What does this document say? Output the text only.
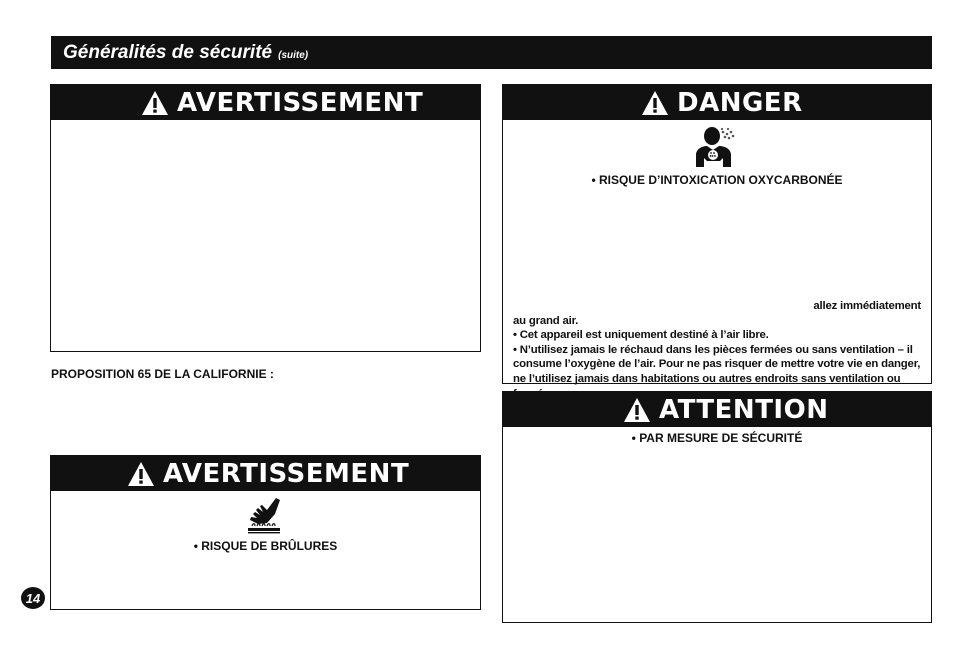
Généralités de sécurité (suite)
AVERTISSEMENT
PROPOSITION 65 DE LA CALIFORNIE :
AVERTISSEMENT
• RISQUE DE BRÛLURES
DANGER
• RISQUE D’INTOXICATION OXYCARBONÉE

allez immédiatement

au grand air.

• Cet appareil est uniquement destiné à l’air libre.

• N’utilisez jamais le réchaud dans les pièces fermées ou sans ventilation – il consume l’oxygène de l’air. Pour ne pas risquer de mettre votre vie en danger, ne l’utilisez jamais dans habitations ou autres endroits sans ventilation ou

ATTENTION
• PAR MESURE DE SÉCURITÉ
14
